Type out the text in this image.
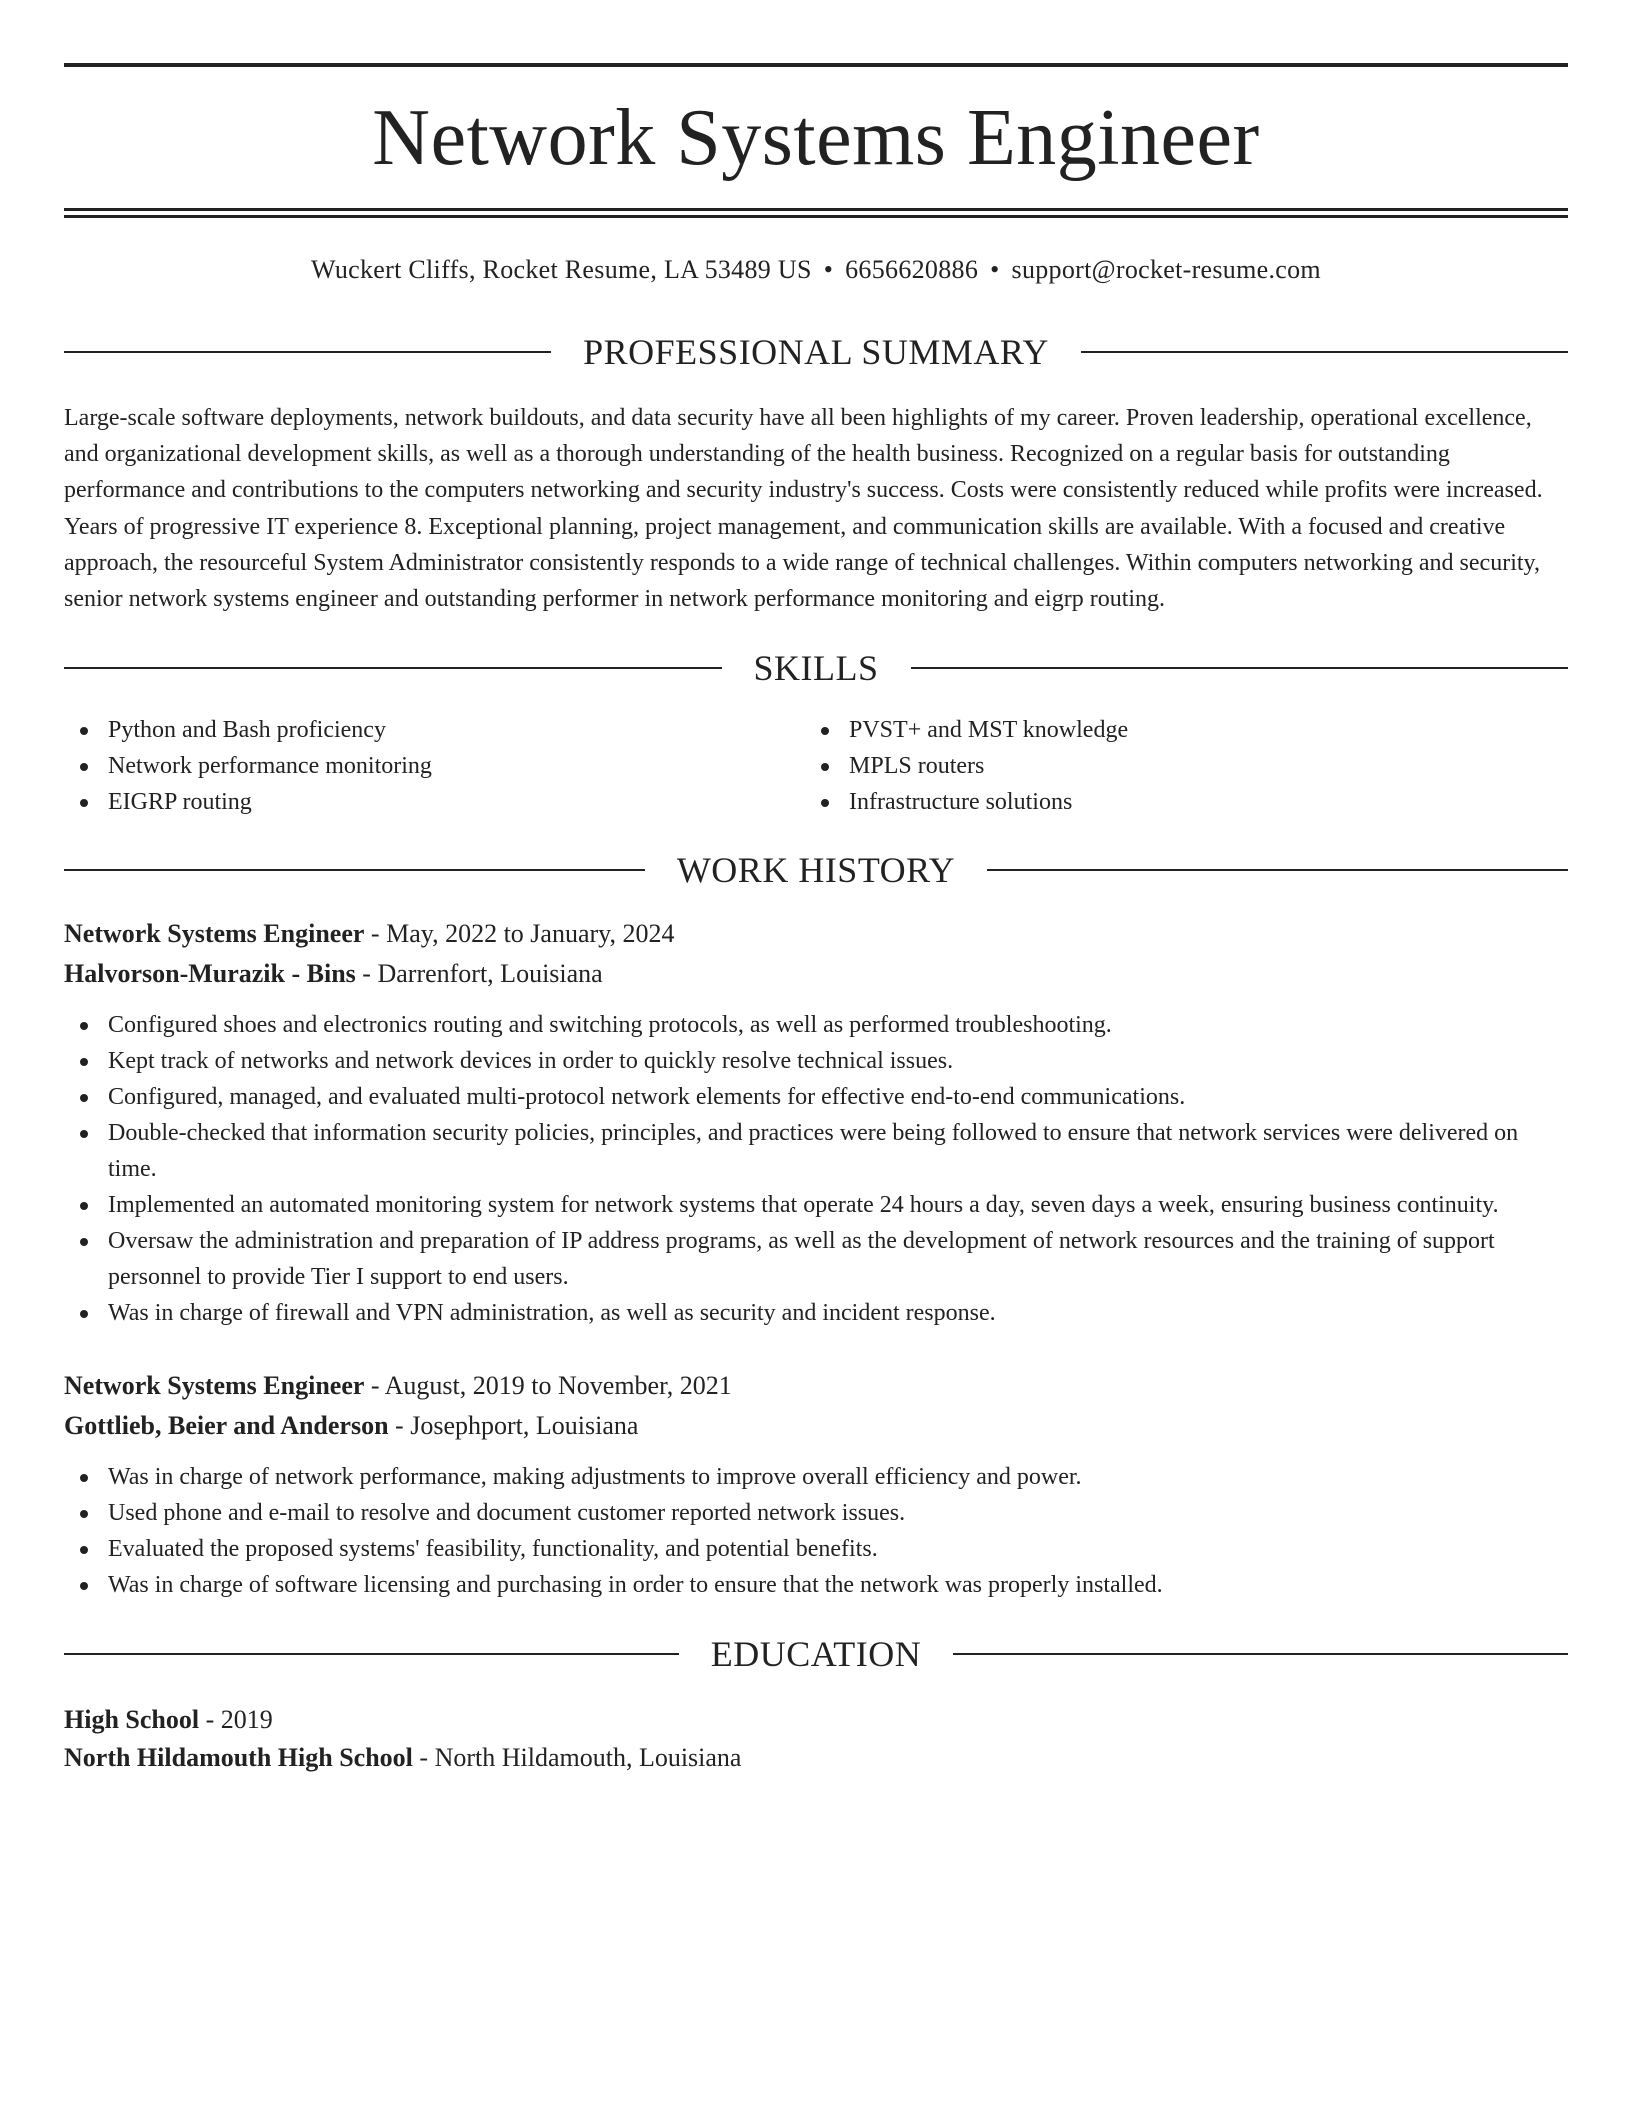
Network Systems Engineer
Wuckert Cliffs, Rocket Resume, LA 53489 US • 6656620886 • support@rocket-resume.com
PROFESSIONAL SUMMARY

Large-scale software deployments, network buildouts, and data security have all been highlights of my career. Proven leadership, operational excellence, and organizational development skills, as well as a thorough understanding of the health business. Recognized on a regular basis for outstanding performance and contributions to the computers networking and security industry's success. Costs were consistently reduced while profits were increased. Years of progressive IT experience 8. Exceptional planning, project management, and communication skills are available. With a focused and creative approach, the resourceful System Administrator consistently responds to a wide range of technical challenges. Within computers networking and security, senior network systems engineer and outstanding performer in network performance monitoring and eigrp routing.

SKILLS
Python and Bash proficiency
Network performance monitoring
EIGRP routing
PVST+ and MST knowledge
MPLS routers
Infrastructure solutions
WORK HISTORY
Network Systems Engineer - May, 2022 to January, 2024
Halvorson-Murazik - Bins - Darrenfort, Louisiana
Configured shoes and electronics routing and switching protocols, as well as performed troubleshooting.
Kept track of networks and network devices in order to quickly resolve technical issues.
Configured, managed, and evaluated multi-protocol network elements for effective end-to-end communications.
Double-checked that information security policies, principles, and practices were being followed to ensure that network services were delivered on time.
Implemented an automated monitoring system for network systems that operate 24 hours a day, seven days a week, ensuring business continuity.
Oversaw the administration and preparation of IP address programs, as well as the development of network resources and the training of support personnel to provide Tier I support to end users.
Was in charge of firewall and VPN administration, as well as security and incident response.
Network Systems Engineer - August, 2019 to November, 2021
Gottlieb, Beier and Anderson - Josephport, Louisiana
Was in charge of network performance, making adjustments to improve overall efficiency and power.
Used phone and e-mail to resolve and document customer reported network issues.
Evaluated the proposed systems' feasibility, functionality, and potential benefits.
Was in charge of software licensing and purchasing in order to ensure that the network was properly installed.
EDUCATION
High School - 2019
North Hildamouth High School - North Hildamouth, Louisiana
